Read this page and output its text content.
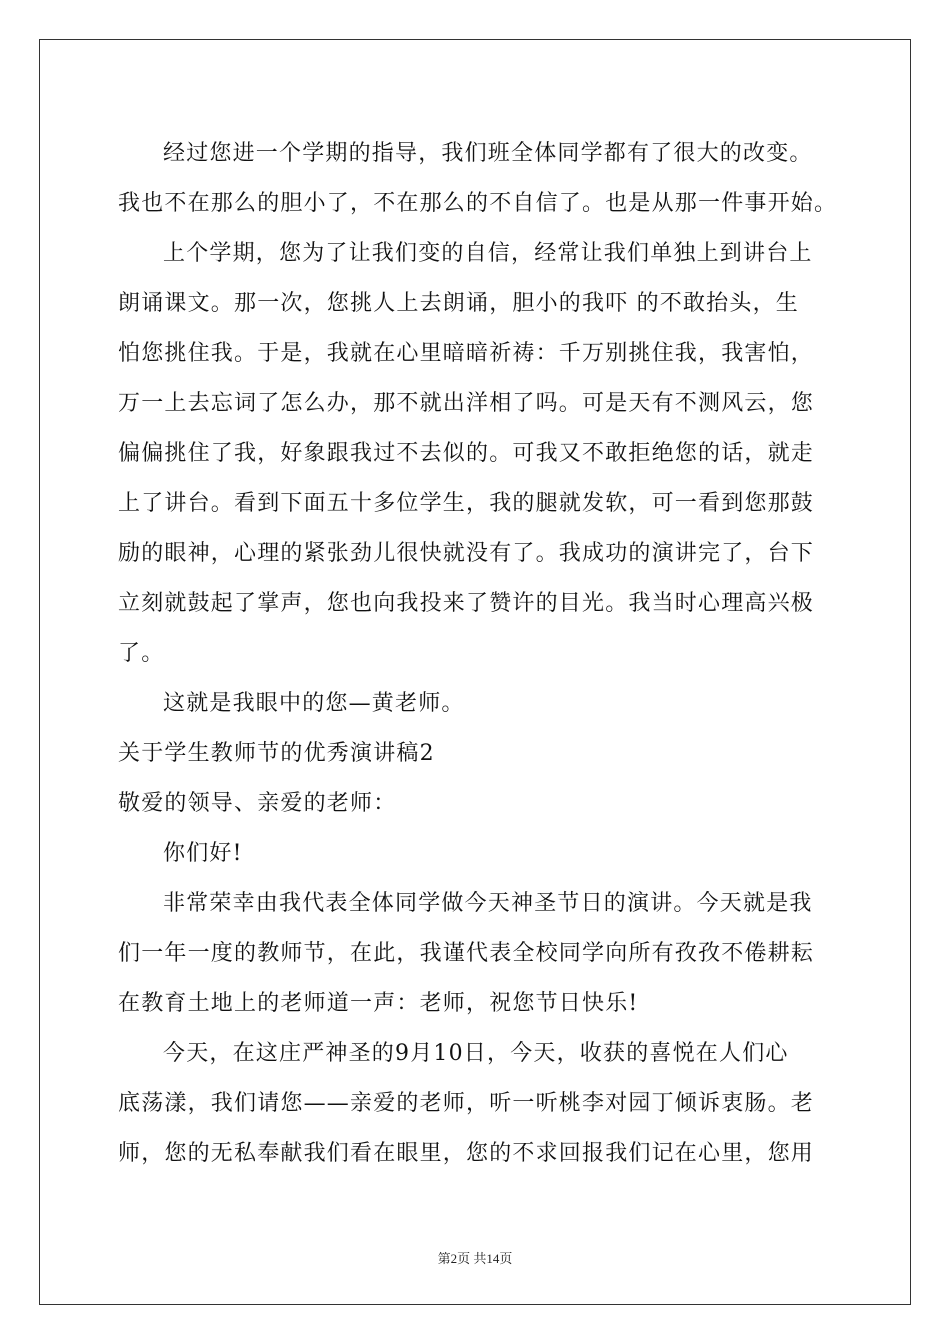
经过您进一个学期的指导，我们班全体同学都有了很大的改变。
我也不在那么的胆小了，不在那么的不自信了。也是从那一件事开始。
上个学期，您为了让我们变的自信，经常让我们单独上到讲台上
朗诵课文。那一次，您挑人上去朗诵，胆小的我吓 的不敢抬头，生
怕您挑住我。于是，我就在心里暗暗祈祷：千万别挑住我，我害怕，
万一上去忘词了怎么办，那不就出洋相了吗。可是天有不测风云，您
偏偏挑住了我，好象跟我过不去似的。可我又不敢拒绝您的话，就走
上了讲台。看到下面五十多位学生，我的腿就发软，可一看到您那鼓
励的眼神，心理的紧张劲儿很快就没有了。我成功的演讲完了，台下
立刻就鼓起了掌声，您也向我投来了赞许的目光。我当时心理高兴极
了。
这就是我眼中的您—黄老师。
关于学生教师节的优秀演讲稿2
敬爱的领导、亲爱的老师：
你们好!
非常荣幸由我代表全体同学做今天神圣节日的演讲。今天就是我
们一年一度的教师节，在此，我谨代表全校同学向所有孜孜不倦耕耘
在教育土地上的老师道一声：老师，祝您节日快乐!
今天，在这庄严神圣的9月10日，今天，收获的喜悦在人们心
底荡漾，我们请您——亲爱的老师，听一听桃李对园丁倾诉衷肠。老
师，您的无私奉献我们看在眼里，您的不求回报我们记在心里，您用
第2页 共14页
